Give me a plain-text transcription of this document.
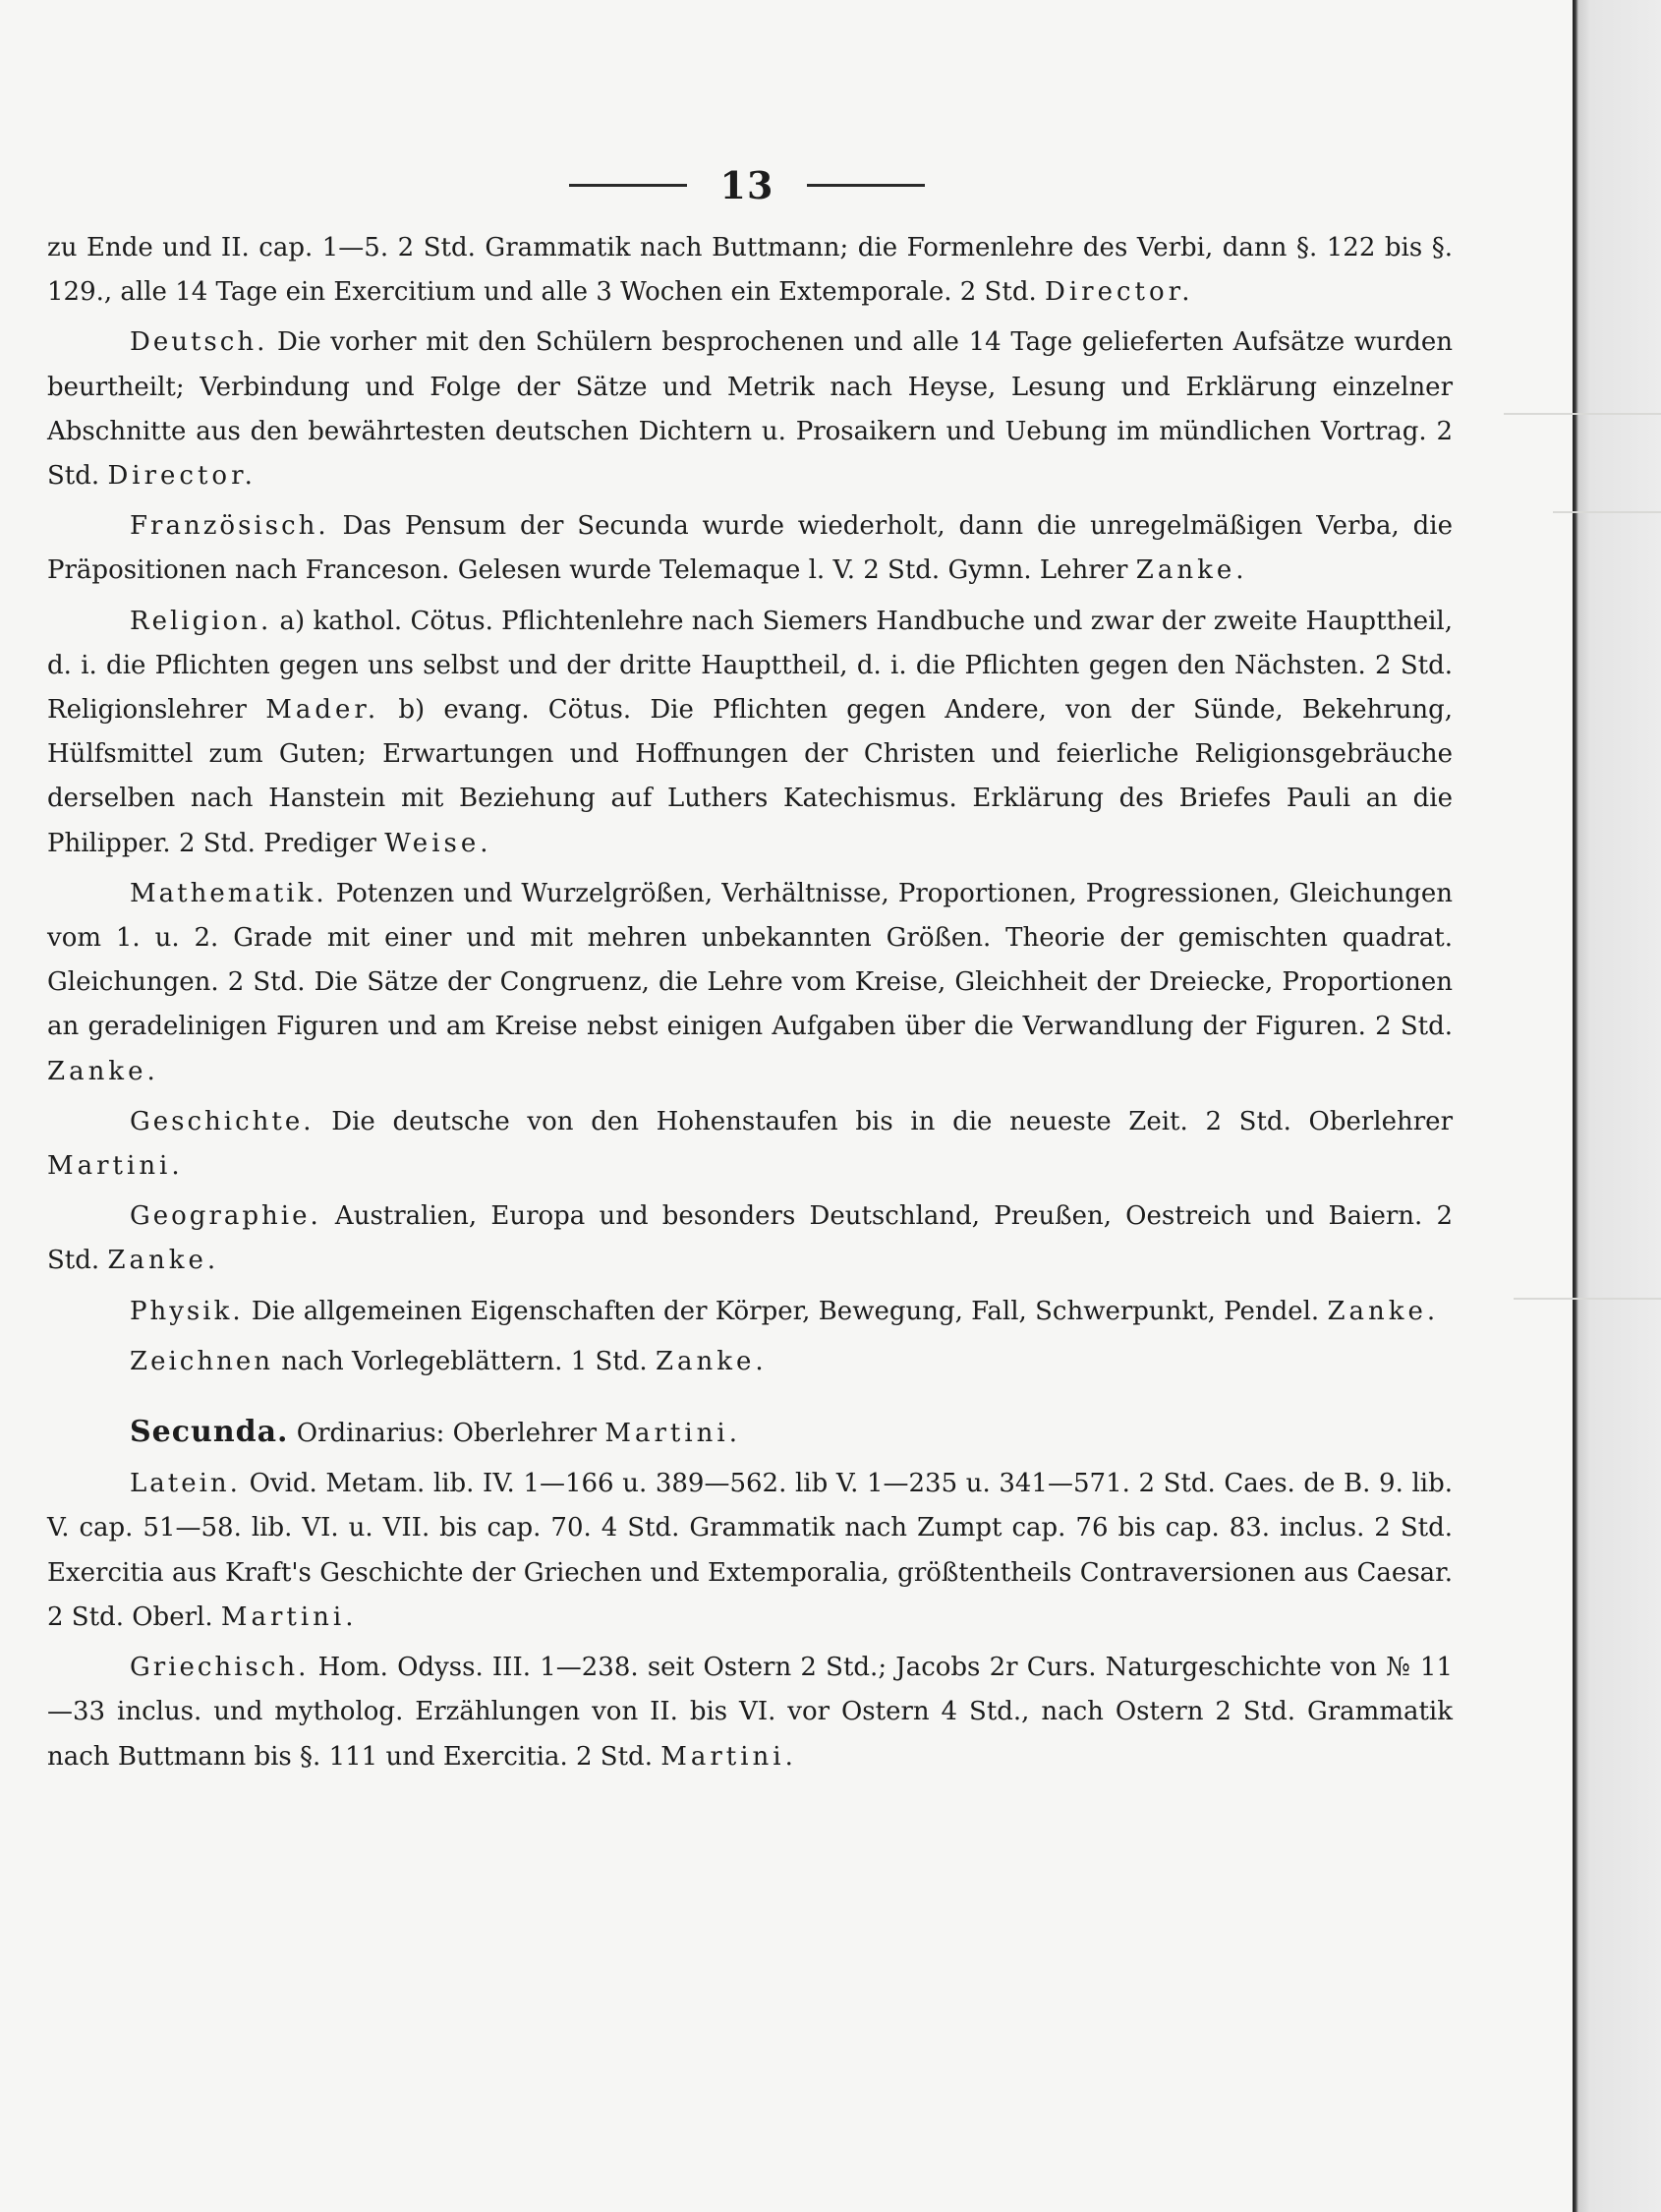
13

zu Ende und II. cap. 1—5. 2 Std. Grammatik nach Buttmann; die Formenlehre des Verbi, dann §. 122 bis §. 129., alle 14 Tage ein Exercitium und alle 3 Wochen ein Extemporale. 2 Std. Director.

Deutsch. Die vorher mit den Schülern besprochenen und alle 14 Tage gelieferten Aufsätze wurden beurtheilt; Verbindung und Folge der Sätze und Metrik nach Heyse, Lesung und Erklärung einzelner Abschnitte aus den bewährtesten deutschen Dichtern u. Prosaikern und Uebung im mündlichen Vortrag. 2 Std. Director.

Französisch. Das Pensum der Secunda wurde wiederholt, dann die unregelmäßigen Verba, die Präpositionen nach Franceson. Gelesen wurde Telemaque l. V. 2 Std. Gymn. Lehrer Zanke.

Religion. a) kathol. Cötus. Pflichtenlehre nach Siemers Handbuche und zwar der zweite Haupttheil, d. i. die Pflichten gegen uns selbst und der dritte Haupttheil, d. i. die Pflichten gegen den Nächsten. 2 Std. Religionslehrer Mader. b) evang. Cötus. Die Pflichten gegen Andere, von der Sünde, Bekehrung, Hülfsmittel zum Guten; Erwartungen und Hoffnungen der Christen und feierliche Religionsgebräuche derselben nach Hanstein mit Beziehung auf Luthers Katechismus. Erklärung des Briefes Pauli an die Philipper. 2 Std. Prediger Weise.

Mathematik. Potenzen und Wurzelgrößen, Verhältnisse, Proportionen, Progressionen, Gleichungen vom 1. u. 2. Grade mit einer und mit mehren unbekannten Größen. Theorie der gemischten quadrat. Gleichungen. 2 Std. Die Sätze der Congruenz, die Lehre vom Kreise, Gleichheit der Dreiecke, Proportionen an geradelinigen Figuren und am Kreise nebst einigen Aufgaben über die Verwandlung der Figuren. 2 Std. Zanke.

Geschichte. Die deutsche von den Hohenstaufen bis in die neueste Zeit. 2 Std. Oberlehrer Martini.

Geographie. Australien, Europa und besonders Deutschland, Preußen, Oestreich und Baiern. 2 Std. Zanke.

Physik. Die allgemeinen Eigenschaften der Körper, Bewegung, Fall, Schwerpunkt, Pendel. Zanke.

Zeichnen nach Vorlegeblättern. 1 Std. Zanke.

Secunda. Ordinarius: Oberlehrer Martini.

Latein. Ovid. Metam. lib. IV. 1—166 u. 389—562. lib V. 1—235 u. 341—571. 2 Std. Caes. de B. 9. lib. V. cap. 51—58. lib. VI. u. VII. bis cap. 70. 4 Std. Grammatik nach Zumpt cap. 76 bis cap. 83. inclus. 2 Std. Exercitia aus Kraft's Geschichte der Griechen und Extemporalia, größtentheils Contraversionen aus Caesar. 2 Std. Oberl. Martini.

Griechisch. Hom. Odyss. III. 1—238. seit Ostern 2 Std.; Jacobs 2r Curs. Naturgeschichte von № 11—33 inclus. und mytholog. Erzählungen von II. bis VI. vor Ostern 4 Std., nach Ostern 2 Std. Grammatik nach Buttmann bis §. 111 und Exercitia. 2 Std. Martini.
